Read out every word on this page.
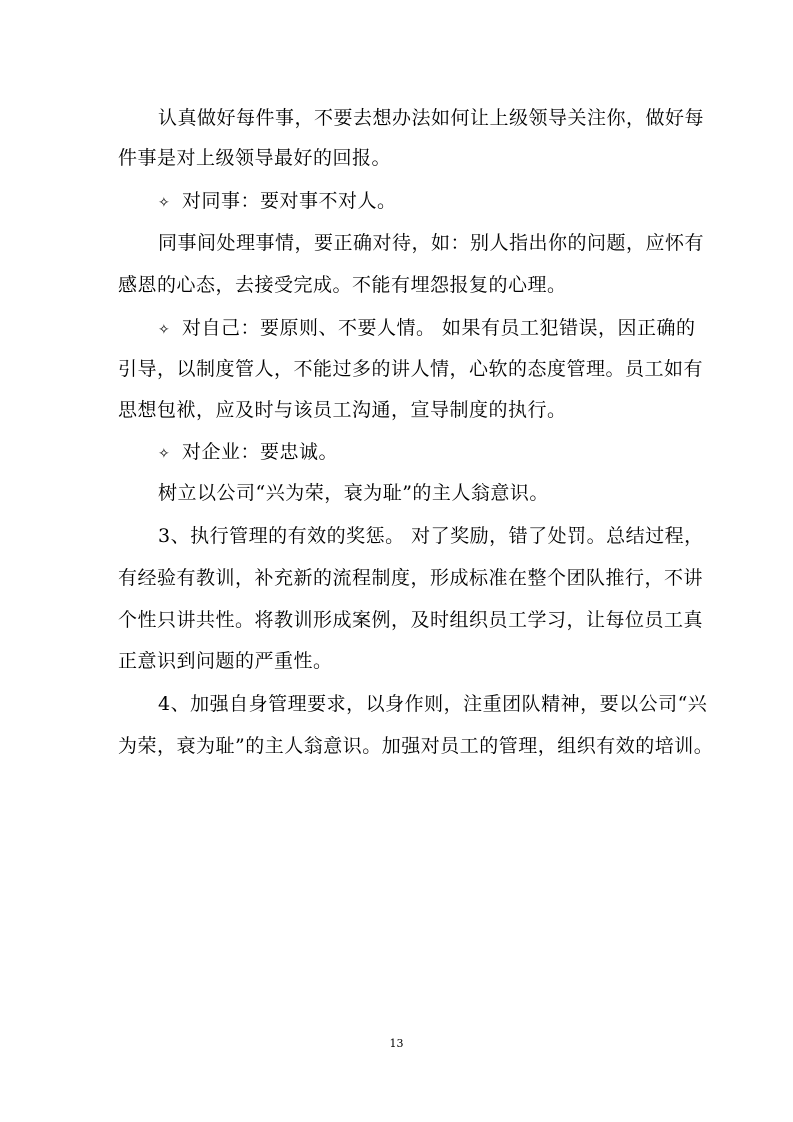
认真做好每件事，不要去想办法如何让上级领导关注你，做好每
件事是对上级领导最好的回报。
✧ 对同事：要对事不对人。
同事间处理事情，要正确对待，如：别人指出你的问题，应怀有
感恩的心态，去接受完成。不能有埋怨报复的心理。
✧ 对自己：要原则、不要人情。 如果有员工犯错误，因正确的
引导，以制度管人，不能过多的讲人情，心软的态度管理。员工如有
思想包袱，应及时与该员工沟通，宣导制度的执行。
✧ 对企业：要忠诚。
树立以公司“兴为荣，衰为耻”的主人翁意识。
3、执行管理的有效的奖惩。 对了奖励，错了处罚。总结过程，
有经验有教训，补充新的流程制度，形成标准在整个团队推行，不讲
个性只讲共性。将教训形成案例，及时组织员工学习，让每位员工真
正意识到问题的严重性。
4、加强自身管理要求，以身作则，注重团队精神，要以公司“兴
为荣，衰为耻”的主人翁意识。加强对员工的管理，组织有效的培训。
13
